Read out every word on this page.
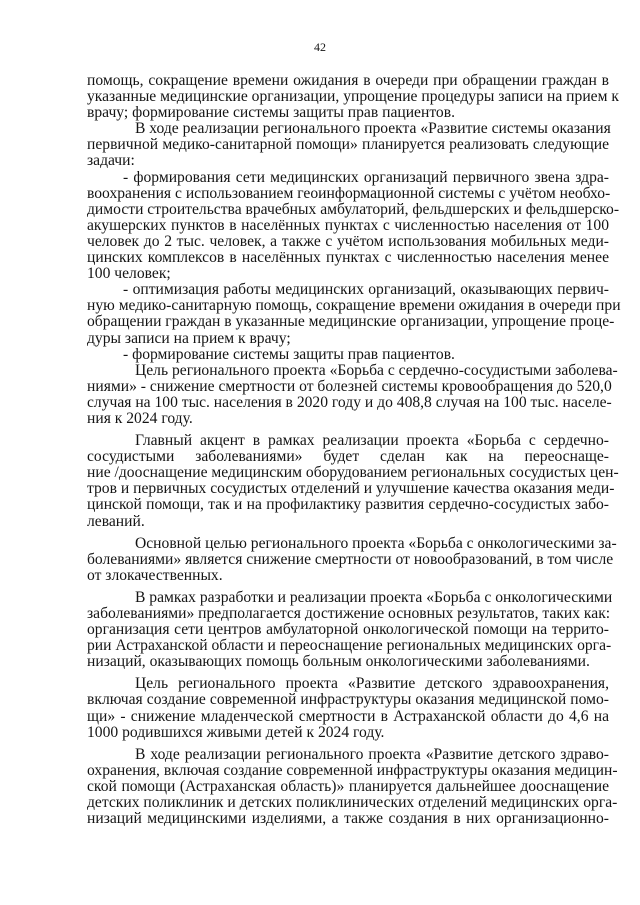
42
помощь, сокращение времени ожидания в очереди при обращении граждан в
указанные медицинские организации, упрощение процедуры записи на прием к
врачу; формирование системы защиты прав пациентов.
В ходе реализации регионального проекта «Развитие системы оказания
первичной медико-санитарной помощи» планируется реализовать следующие
задачи:
- формирования сети медицинских организаций первичного звена здра-
воохранения с использованием геоинформационной системы с учётом необхо-
димости строительства врачебных амбулаторий, фельдшерских и фельдшерско-
акушерских пунктов в населённых пунктах с численностью населения от 100
человек до 2 тыс. человек, а также с учётом использования мобильных меди-
цинских комплексов в населённых пунктах с численностью населения менее
100 человек;
- оптимизация работы медицинских организаций, оказывающих первич-
ную медико-санитарную помощь, сокращение времени ожидания в очереди при
обращении граждан в указанные медицинские организации, упрощение проце-
дуры записи на прием к врачу;
- формирование системы защиты прав пациентов.
Цель регионального проекта «Борьба с сердечно-сосудистыми заболева-
ниями» - снижение смертности от болезней системы кровообращения до 520,0
случая на 100 тыс. населения в 2020 году и до 408,8 случая на 100 тыс. населе-
ния к 2024 году.
Главный акцент в рамках реализации проекта «Борьба с сердечно-
сосудистыми заболеваниями» будет сделан как на переоснаще-
ние /дооснащение медицинским оборудованием региональных сосудистых цен-
тров и первичных сосудистых отделений и улучшение качества оказания меди-
цинской помощи, так и на профилактику развития сердечно-сосудистых забо-
леваний.
Основной целью регионального проекта «Борьба с онкологическими за-
болеваниями» является снижение смертности от новообразований, в том числе
от злокачественных.
В рамках разработки и реализации проекта «Борьба с онкологическими
заболеваниями» предполагается достижение основных результатов, таких как:
организация сети центров амбулаторной онкологической помощи на террито-
рии Астраханской области и переоснащение региональных медицинских орга-
низаций, оказывающих помощь больным онкологическими заболеваниями.
Цель регионального проекта «Развитие детского здравоохранения,
включая создание современной инфраструктуры оказания медицинской помо-
щи» - снижение младенческой смертности в Астраханской области до 4,6 на
1000 родившихся живыми детей к 2024 году.
В ходе реализации регионального проекта «Развитие детского здраво-
охранения, включая создание современной инфраструктуры оказания медицин-
ской помощи (Астраханская область)» планируется дальнейшее дооснащение
детских поликлиник и детских поликлинических отделений медицинских орга-
низаций медицинскими изделиями, а также создания в них организационно-
